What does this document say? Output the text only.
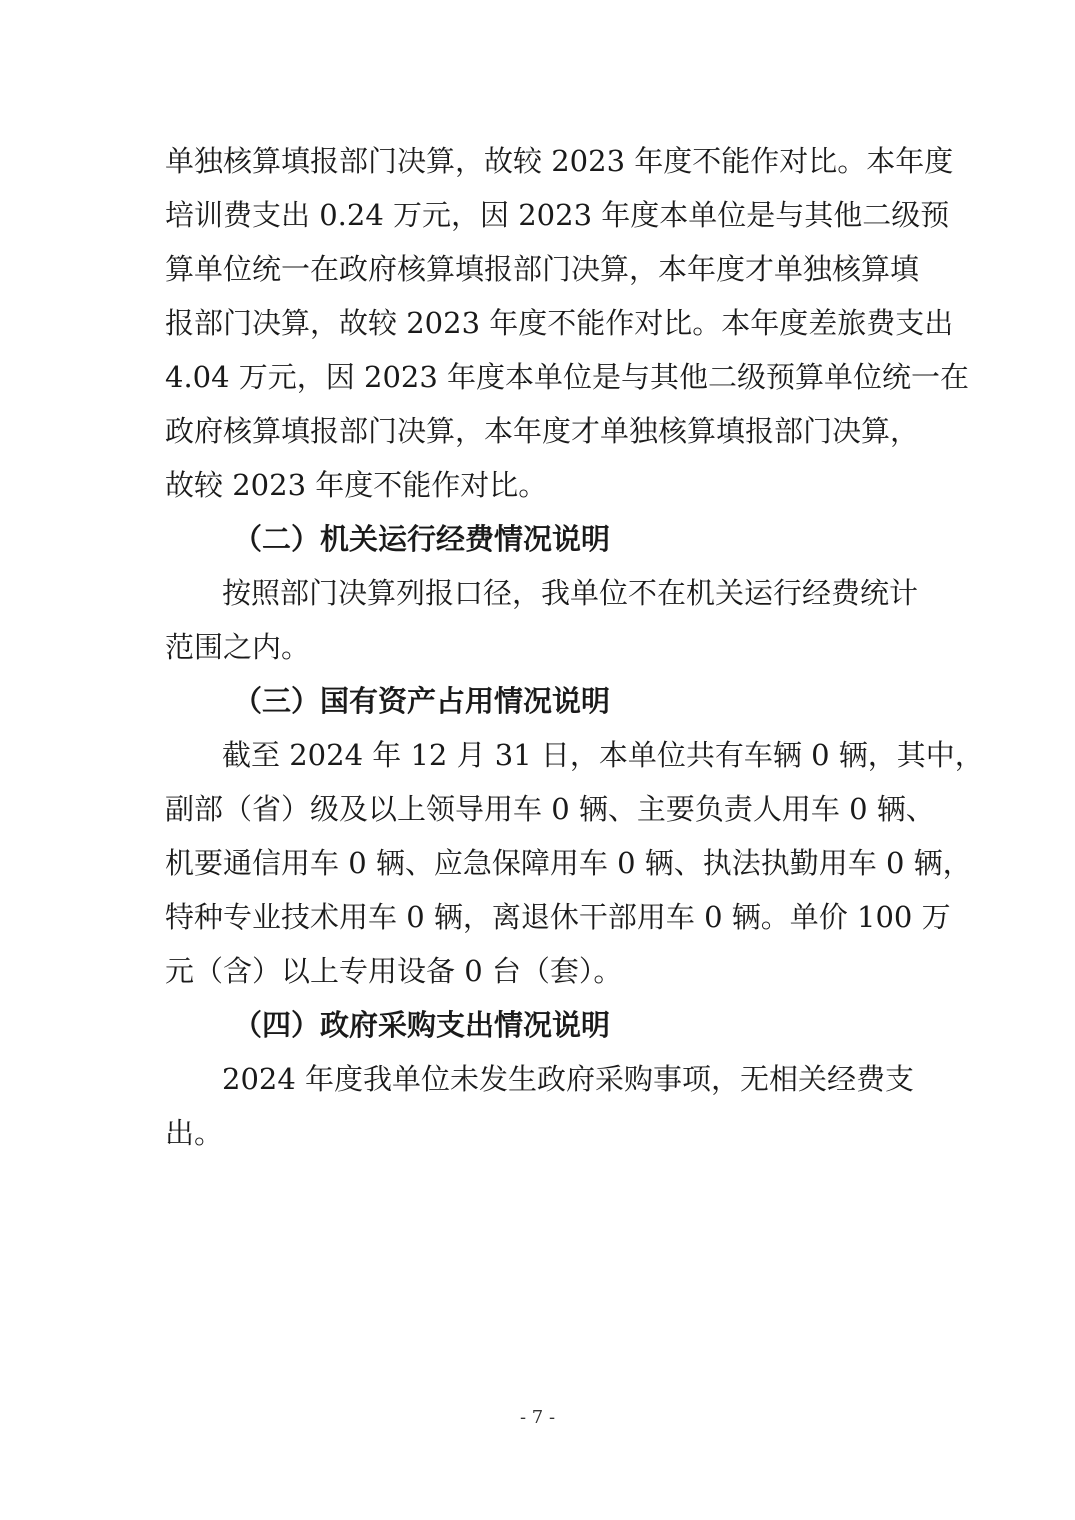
单独核算填报部门决算，故较 2023 年度不能作对比。本年度
培训费支出 0.24 万元，因 2023 年度本单位是与其他二级预
算单位统一在政府核算填报部门决算，本年度才单独核算填
报部门决算，故较 2023 年度不能作对比。本年度差旅费支出
4.04 万元，因 2023 年度本单位是与其他二级预算单位统一在
政府核算填报部门决算，本年度才单独核算填报部门决算，
故较 2023 年度不能作对比。
（二）机关运行经费情况说明
按照部门决算列报口径，我单位不在机关运行经费统计
范围之内。
（三）国有资产占用情况说明
截至 2024 年 12 月 31 日，本单位共有车辆 0 辆，其中，
副部（省）级及以上领导用车 0 辆、主要负责人用车 0 辆、
机要通信用车 0 辆、应急保障用车 0 辆、执法执勤用车 0 辆，
特种专业技术用车 0 辆，离退休干部用车 0 辆。单价 100 万
元（含）以上专用设备 0 台（套）。
（四）政府采购支出情况说明
2024 年度我单位未发生政府采购事项，无相关经费支
出。
- 7 -
